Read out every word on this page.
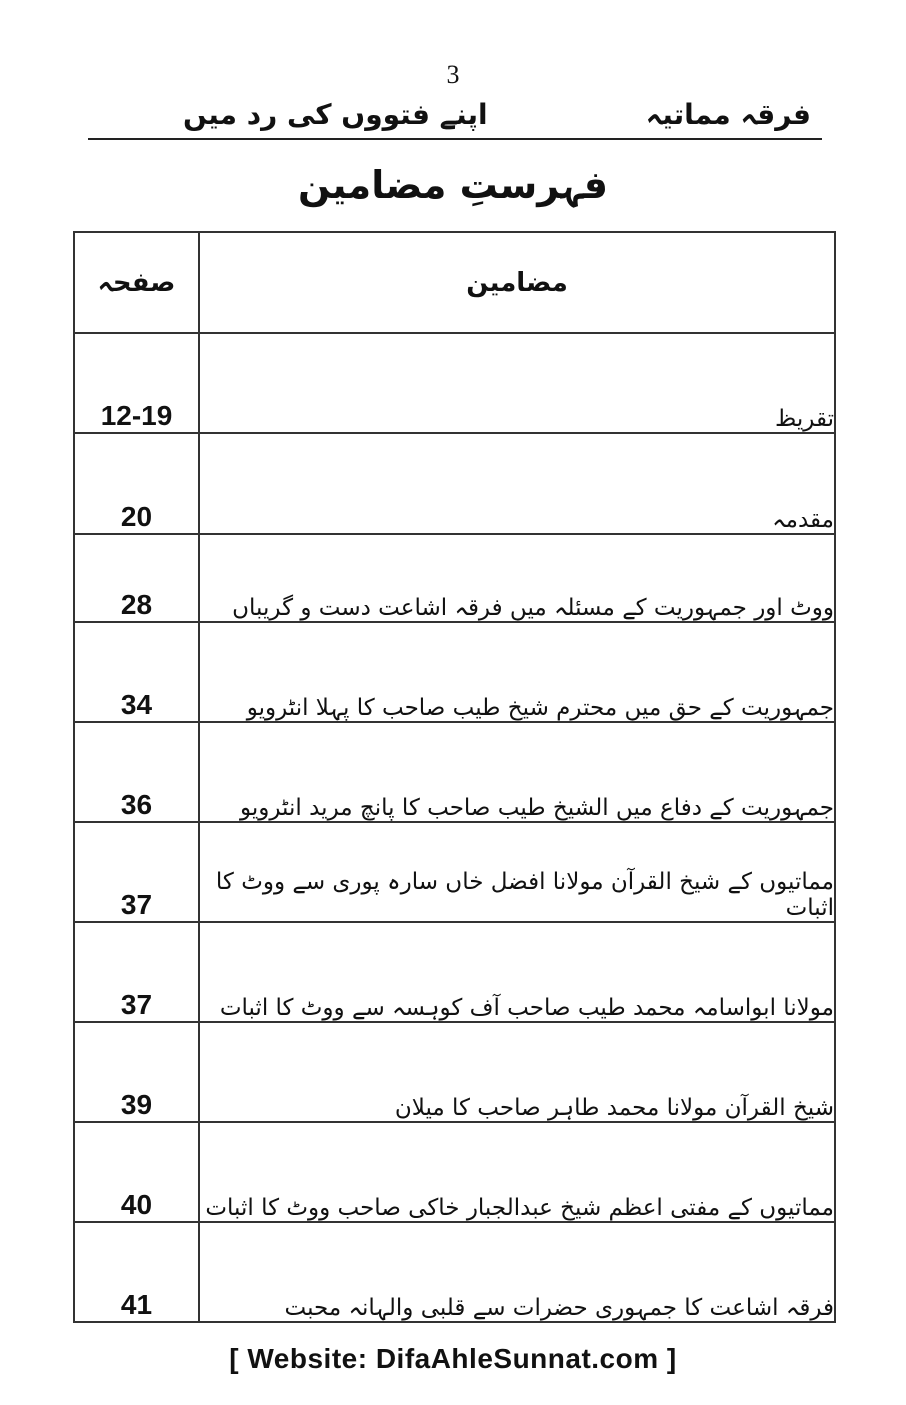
3
فرقہ مماتیہ
اپنے فتووں کی رد میں
فہرستِ مضامین
صفحہ	مضامین
12-19	تقریظ
20	مقدمہ
28	ووٹ اور جمہوریت کے مسئلہ میں فرقہ اشاعت دست و گریباں
34	جمہوریت کے حق میں محترم شیخ طیب صاحب کا پہلا انٹرویو
36	جمہوریت کے دفاع میں الشیخ طیب صاحب کا پانچ مرید انٹرویو
37	مماتیوں کے شیخ القرآن مولانا افضل خاں سارہ پوری سے ووٹ کا اثبات
37	مولانا ابواسامہ محمد طیب صاحب آف کوہسہ سے ووٹ کا اثبات
39	شیخ القرآن مولانا محمد طاہر صاحب کا میلان
40	مماتیوں کے مفتی اعظم شیخ عبدالجبار خاکی صاحب ووٹ کا اثبات
41	فرقہ اشاعت کا جمہوری حضرات سے قلبی والہانہ محبت
[ Website: DifaAhleSunnat.com ]
